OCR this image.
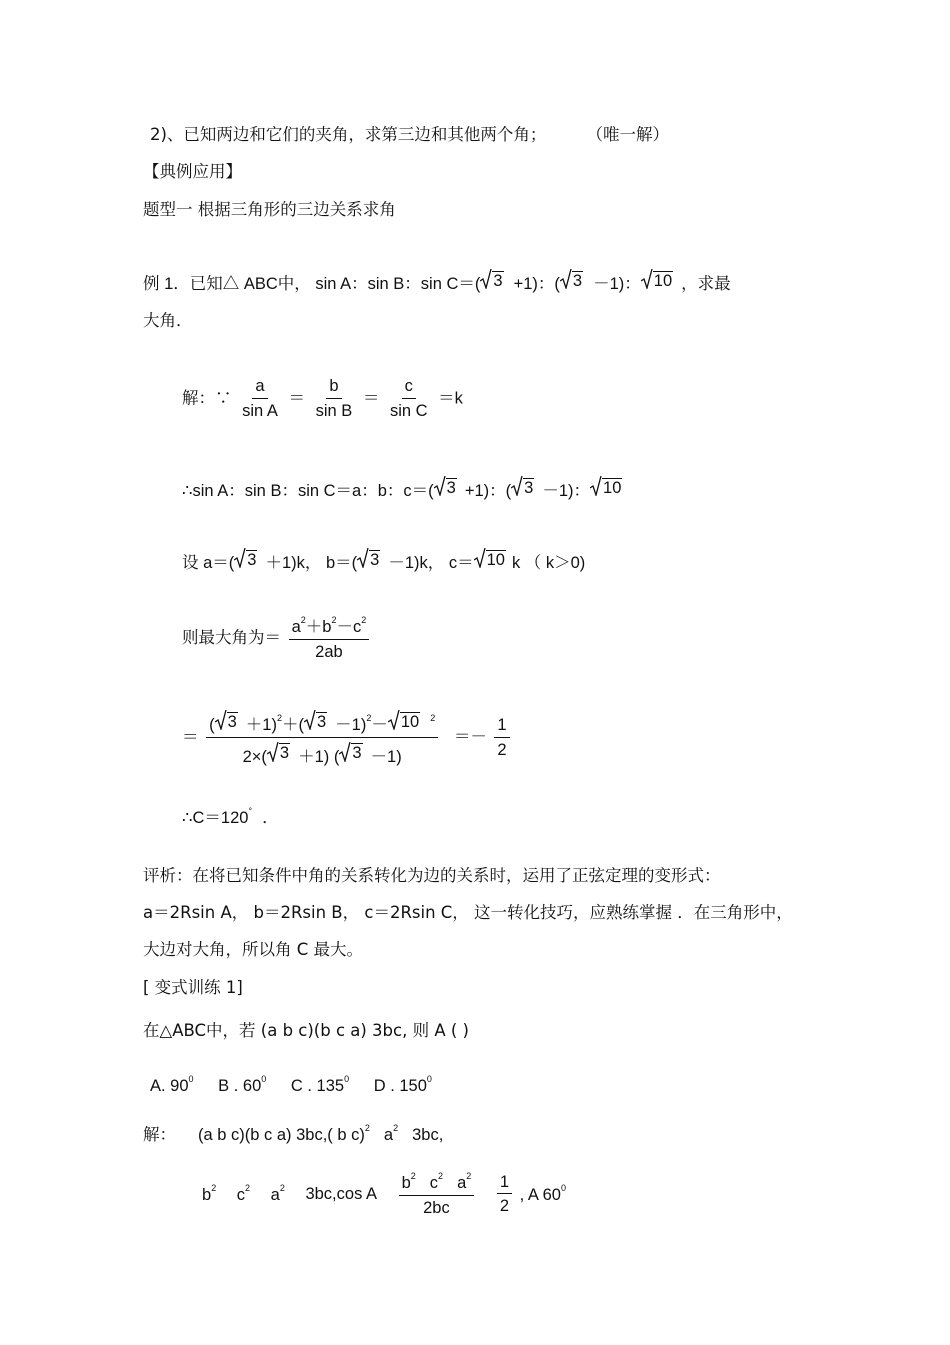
2)、已知两边和它们的夹角，求第三边和其他两个角； （唯一解）
【典例应用】
题型一 根据三角形的三边关系求角
例 1．已知△ ABC中， sin A：sin B：sin C＝( 3 +1)：( 3 －1)： 10 ，求最
大角．
解：∵ $\frac{a}{\text{sin A}} = \frac{b}{\text{sin B}} = \frac{c}{\text{sin C}} =k$
∴sin A：sin B：sin C＝a：b：c＝( 3 +1)：( 3 －1)： 10
设 a＝( 3 ＋1)k， b＝( 3 －1)k， c＝ 10 k （ k＞0)
则最大角为＝ $\frac{a^2+b^2-c^2}{2ab}$
＝ $\frac{( 3 +1)^2+( 3 -1)^2- 10 ^2}{2\times( 3 +1) ( 3 -1)} =- \frac{1}{2}$
∴C＝120° ．
评析：在将已知条件中角的关系转化为边的关系时，运用了正弦定理的变形式：
a＝2Rsin A， b＝2Rsin B， c＝2Rsin C， 这一转化技巧，应熟练掌握 ．在三角形中，
大边对大角，所以角 C 最大。
[ 变式训练 1]
在△ABC中，若 (a b c)(b c a) 3bc, 则 A ( )
A. $90^0$ B . $60^0$ C . $135^0$ D . $150^0$
解： (a b c)(b c a) 3bc,( b c)$^2$ $a^2$ 3bc,
$b^2$ $c^2$ $a^2$ 3bc,cos A $\frac{b^2 c^2 a^2}{2bc}$
$\frac{1}{2}$ , A $60^0$
